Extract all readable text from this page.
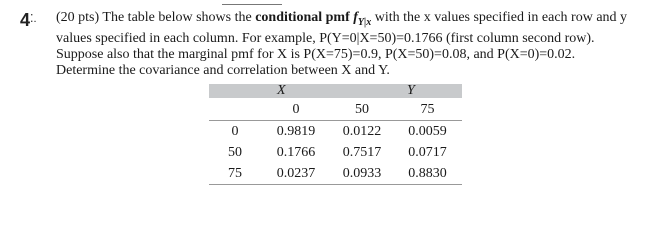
4⁚. (20 pts) The table below shows the conditional pmf $f_{Y|x}$ with the x values specified in each row and y values specified in each column. For example, P(Y=0|X=50)=0.1766 (first column second row). Suppose also that the marginal pmf for X is P(X=75)=0.9, P(X=50)=0.08, and P(X=0)=0.02. Determine the covariance and correlation between X and Y.
X	Y
	0	50	75
0	0.9819	0.0122	0.0059
50	0.1766	0.7517	0.0717
75	0.0237	0.0933	0.8830
